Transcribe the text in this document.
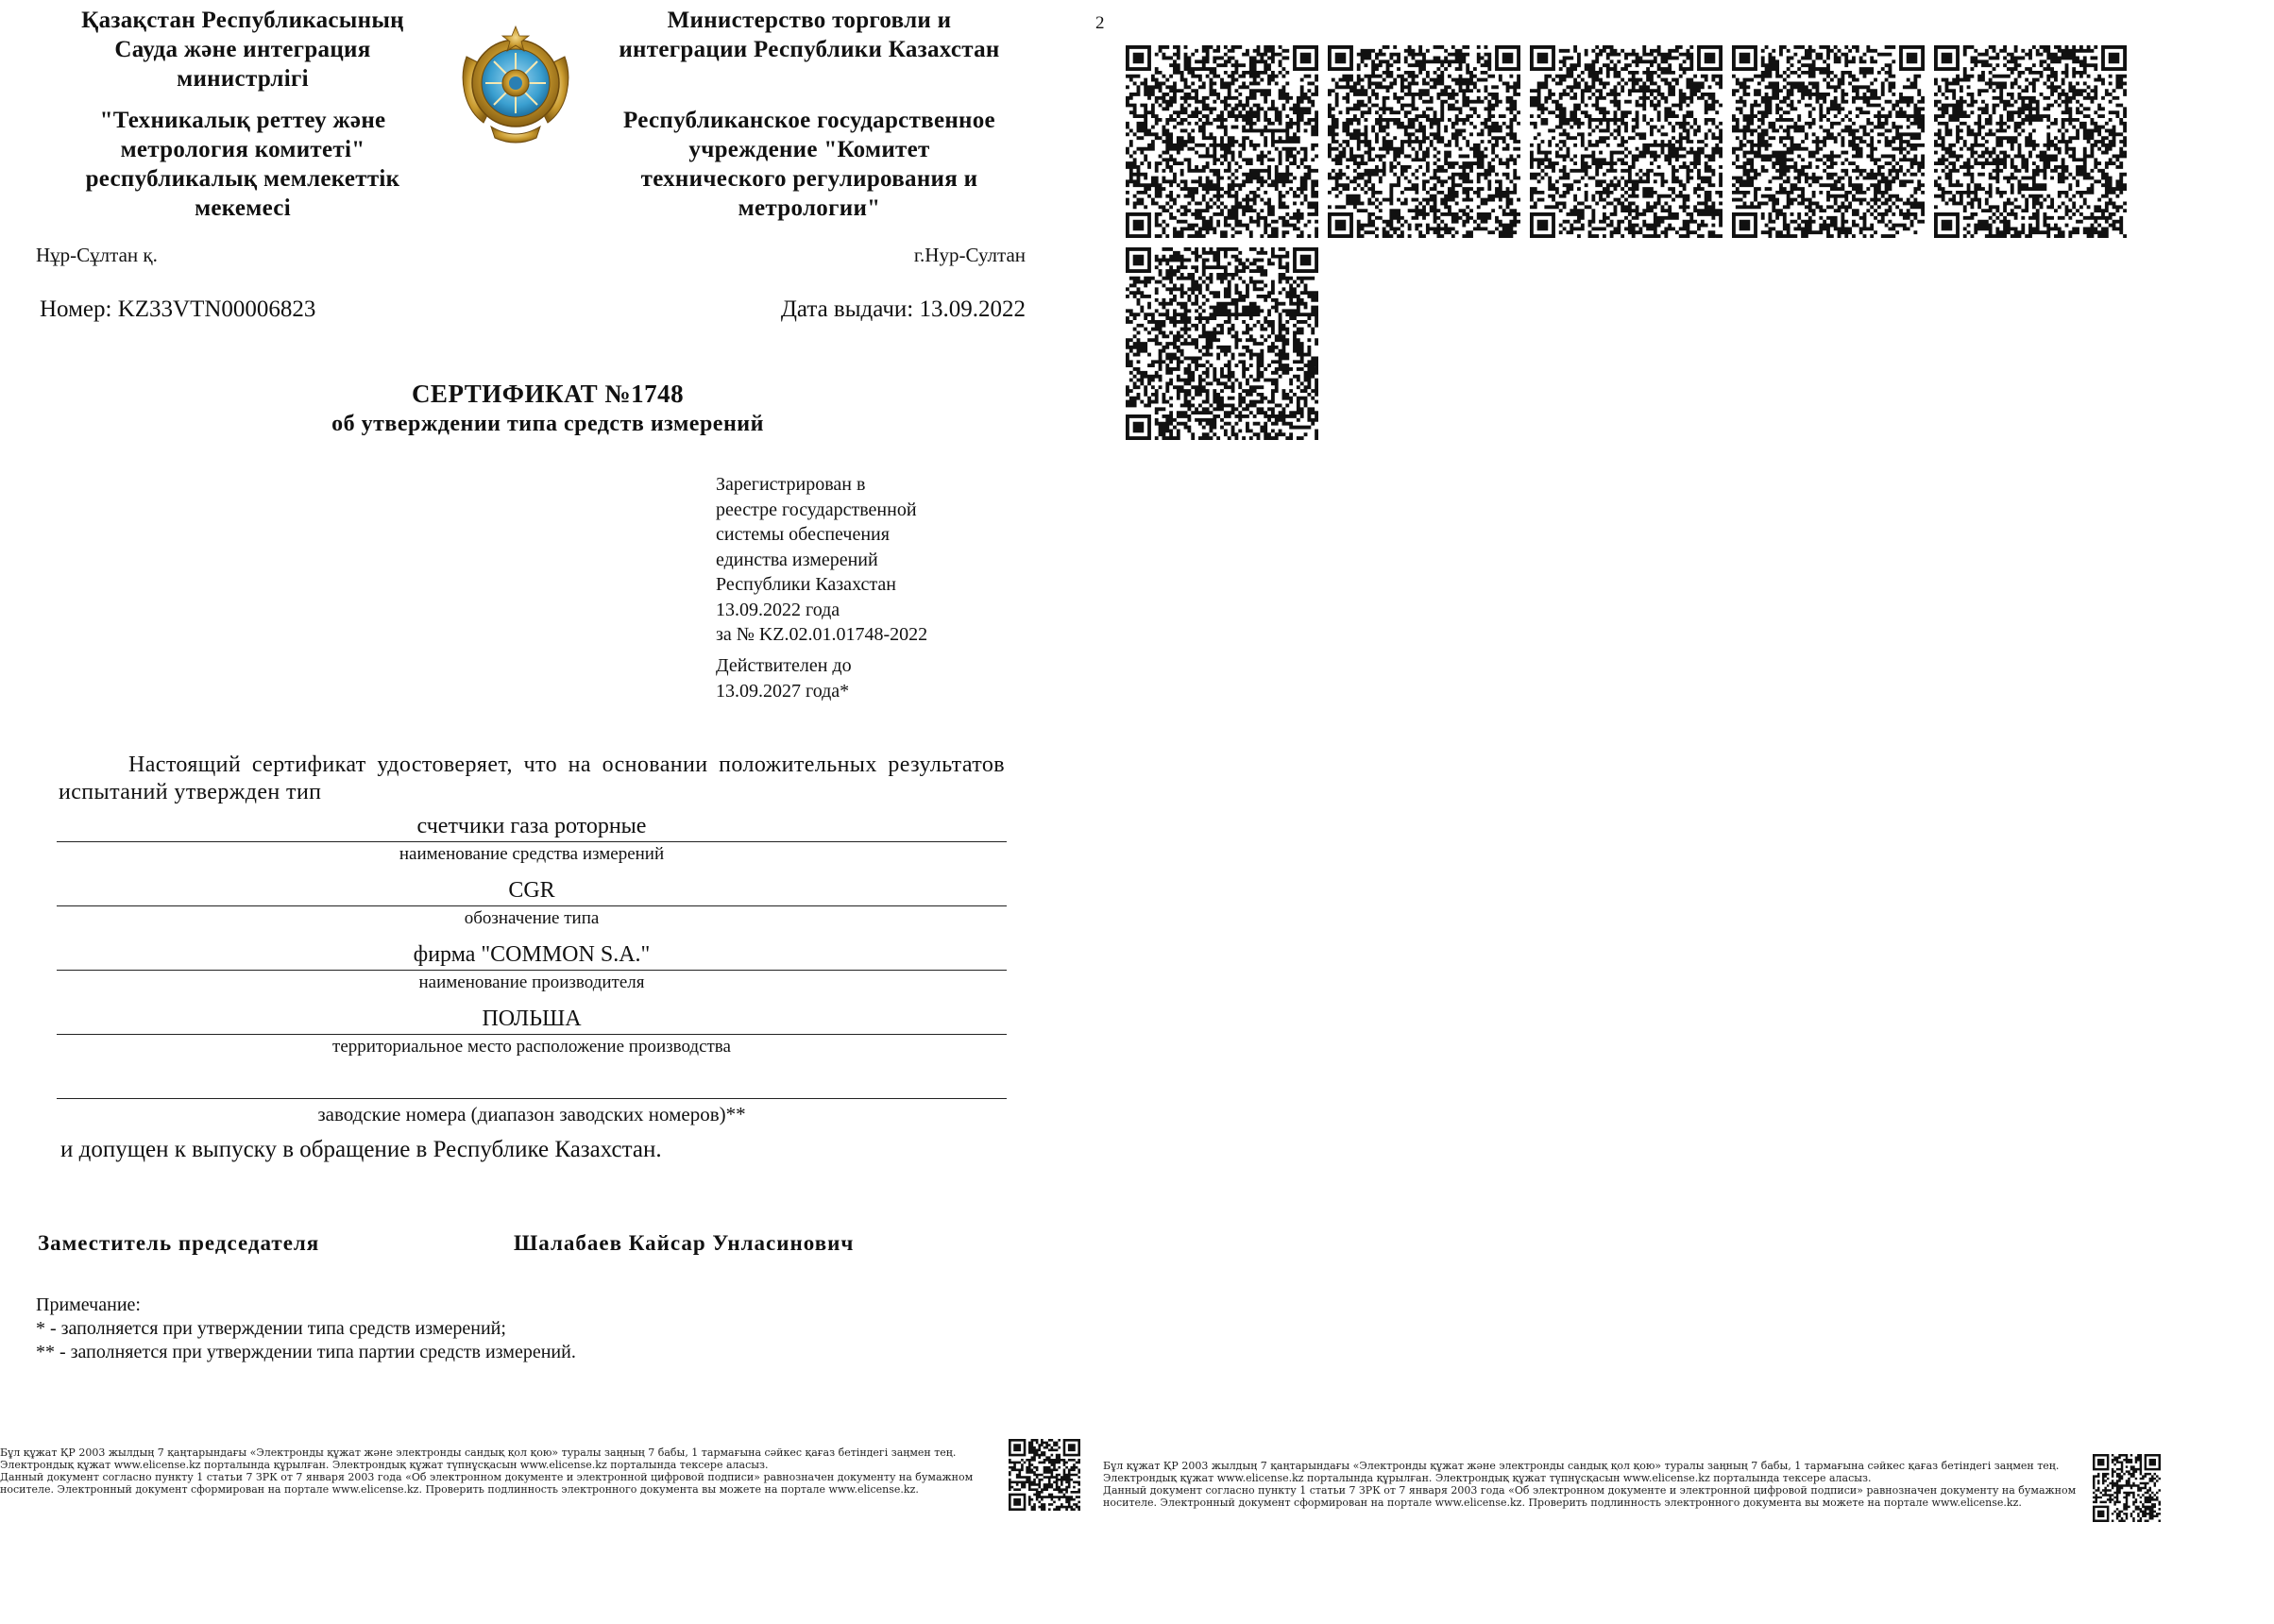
Қазақстан Республикасының
Сауда және интеграция
министрлігі
"Техникалық реттеу және
метрология комитеті"
республикалық мемлекеттік
мекемесі
Министерство торговли и
интеграции Республики Казахстан
Республиканское государственное
учреждение "Комитет
технического регулирования и
метрологии"
Нұр-Сұлтан қ.	г.Нур-Султан
Номер: KZ33VTN00006823	Дата выдачи: 13.09.2022
СЕРТИФИКАТ №1748
об утверждении типа средств измерений
Зарегистрирован в
реестре государственной
системы обеспечения
единства измерений
Республики Казахстан
13.09.2022 года
за № KZ.02.01.01748-2022
Действителен до
13.09.2027 года*
Настоящий сертификат удостоверяет, что на основании положительных результатов испытаний утвержден тип
счетчики газа роторные
наименование средства измерений
CGR
обозначение типа
фирма "COMMON S.A."
наименование производителя
ПОЛЬША
территориальное место расположение производства
заводские номера (диапазон заводских номеров)**
и допущен к выпуску в обращение в Республике Казахстан.
Заместитель председателя	Шалабаев Кайсар Унласинович
Примечание:
* - заполняется при утверждении типа средств измерений;
** - заполняется при утверждении типа партии средств измерений.
Бұл құжат ҚР 2003 жылдың 7 қаңтарындағы «Электронды құжат және электронды сандық қол қою» туралы заңның 7 бабы, 1 тармағына сәйкес қағаз бетіндегі заңмен тең.
Электрондық құжат www.elicense.kz порталында құрылған. Электрондық құжат түпнұсқасын www.elicense.kz порталында тексере аласыз.
Данный документ согласно пункту 1 статьи 7 ЗРК от 7 января 2003 года «Об электронном документе и электронной цифровой подписи» равнозначен документу на бумажном
носителе. Электронный документ сформирован на портале www.elicense.kz. Проверить подлинность электронного документа вы можете на портале www.elicense.kz.
2
Бұл құжат ҚР 2003 жылдың 7 қаңтарындағы «Электронды құжат және электронды сандық қол қою» туралы заңның 7 бабы, 1 тармағына сәйкес қағаз бетіндегі заңмен тең.
Электрондық құжат www.elicense.kz порталында құрылған. Электрондық құжат түпнұсқасын www.elicense.kz порталында тексере аласыз.
Данный документ согласно пункту 1 статьи 7 ЗРК от 7 января 2003 года «Об электронном документе и электронной цифровой подписи» равнозначен документу на бумажном
носителе. Электронный документ сформирован на портале www.elicense.kz. Проверить подлинность электронного документа вы можете на портале www.elicense.kz.
